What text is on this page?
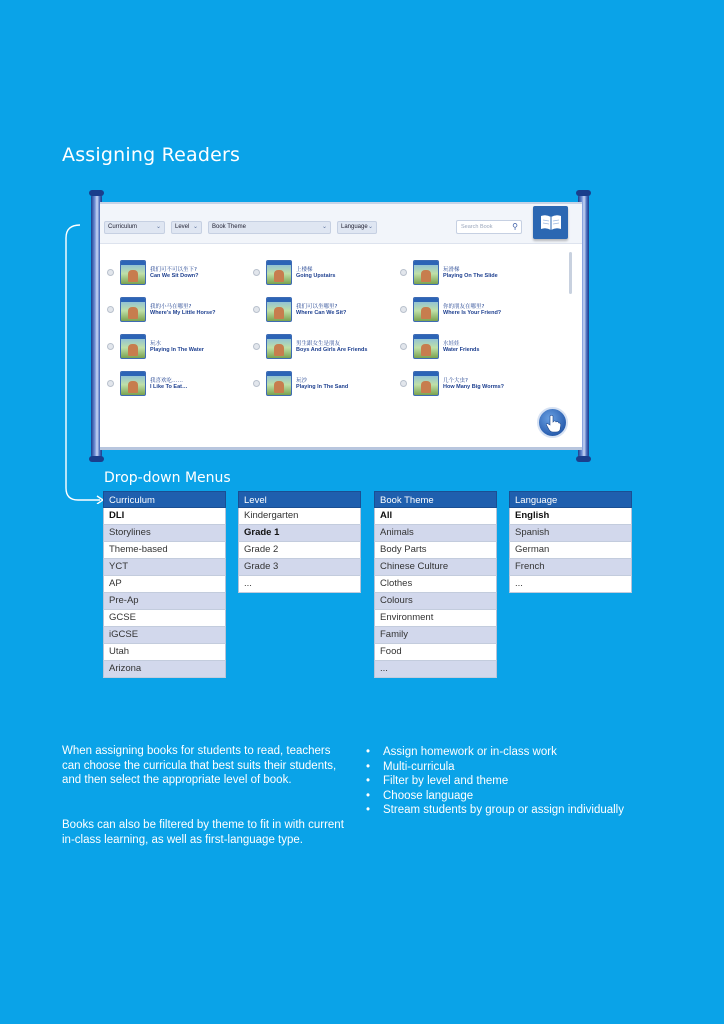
Assigning Readers
Curriculum	⌄	Level ⌄	Book Theme	⌄	Language ⌄	Search Book ⚲
我们可不可以坐下?
Can We Sit Down?
上楼梯
Going Upstairs
玩滑梯
Playing On The Slide
我的小马在哪里?
Where's My Little Horse?
我们可以坐哪里?
Where Can We Sit?
你的朋友在哪里?
Where Is Your Friend?
玩水
Playing In The Water
男生跟女生是朋友
Boys And Girls Are Friends
水娃娃
Water Friends
我喜欢吃……
I Like To Eat…
玩沙
Playing In The Sand
几个大虫?
How Many Big Worms?
Drop-down Menus
Curriculum
DLI
Storylines
Theme-based
YCT
AP
Pre-Ap
GCSE
iGCSE
Utah
Arizona
Level
Kindergarten
Grade 1
Grade 2
Grade 3
...
Book Theme
All
Animals
Body Parts
Chinese Culture
Clothes
Colours
Environment
Family
Food
...
Language
English
Spanish
German
French
...

When assigning books for students to read, teachers can choose the curricula that best suits their students, and then select the appropriate level of book.

Books can also be filtered by theme to fit in with current in-class learning, as well as first-language type.

• Assign homework or in-class work
• Multi-curricula
• Filter by level and theme
• Choose language
• Stream students by group or assign individually
